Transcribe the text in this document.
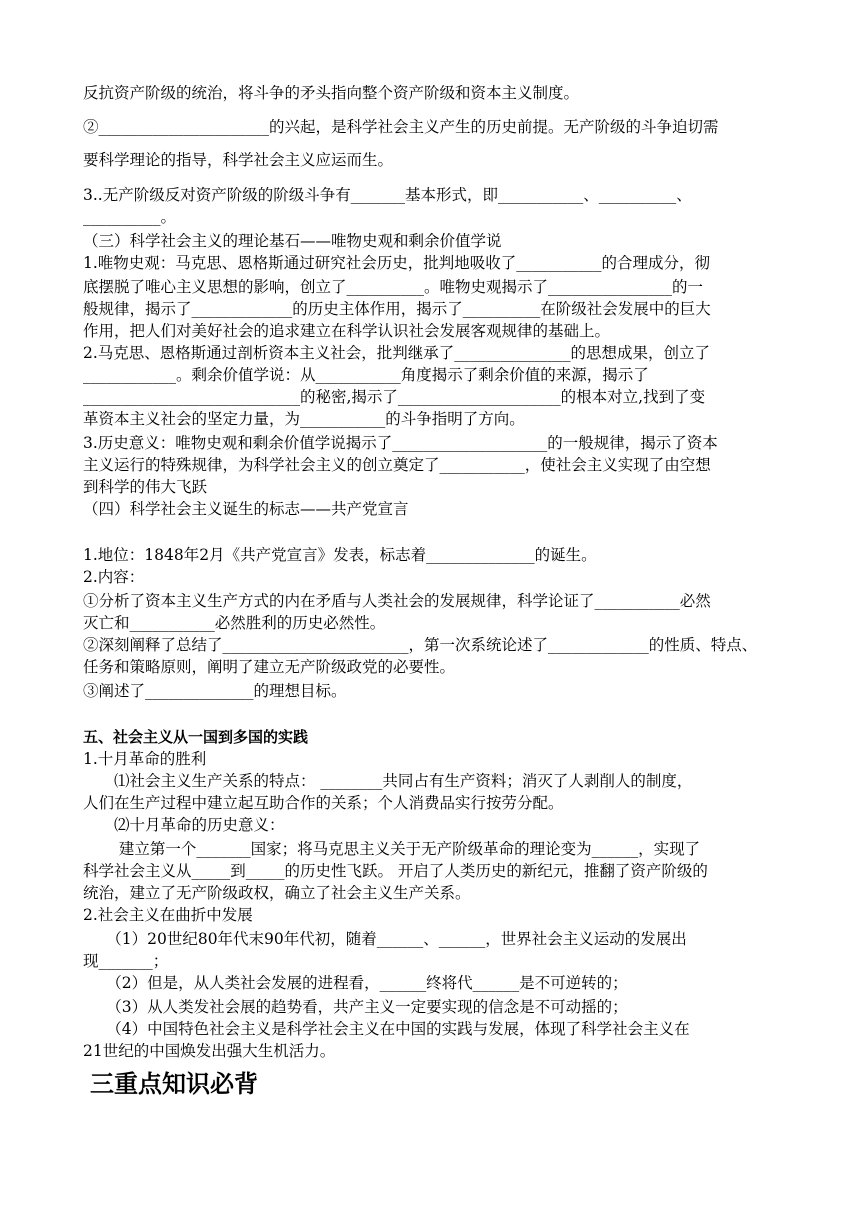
反抗资产阶级的统治，将斗争的矛头指向整个资产阶级和资本主义制度。
②______________________的兴起，是科学社会主义产生的历史前提。无产阶级的斗争迫切需
要科学理论的指导，科学社会主义应运而生。
3..无产阶级反对资产阶级的阶级斗争有_______基本形式，即___________、__________、
__________。
（三）科学社会主义的理论基石——唯物史观和剩余价值学说
1.唯物史观：马克思、恩格斯通过研究社会历史，批判地吸收了___________的合理成分，彻
底摆脱了唯心主义思想的影响，创立了__________。唯物史观揭示了________________的一
般规律，揭示了_____________的历史主体作用，揭示了__________在阶级社会发展中的巨大
作用，把人们对美好社会的追求建立在科学认识社会发展客观规律的基础上。
2.马克思、恩格斯通过剖析资本主义社会，批判继承了_______________的思想成果，创立了
____________。剩余价值学说：从___________角度揭示了剩余价值的来源，揭示了
____________________________的秘密,揭示了_____________________的根本对立,找到了变
革资本主义社会的坚定力量，为___________的斗争指明了方向。
3.历史意义：唯物史观和剩余价值学说揭示了____________________的一般规律，揭示了资本
主义运行的特殊规律，为科学社会主义的创立奠定了___________，使社会主义实现了由空想
到科学的伟大飞跃
（四）科学社会主义诞生的标志——共产党宣言
1.地位：1848年2月《共产党宣言》发表，标志着______________的诞生。
2.内容：
①分析了资本主义生产方式的内在矛盾与人类社会的发展规律，科学论证了___________必然
灭亡和___________必然胜利的历史必然性。
②深刻阐释了总结了________________________，第一次系统论述了_____________的性质、特点、
任务和策略原则，阐明了建立无产阶级政党的必要性。
③阐述了______________的理想目标。
五、社会主义从一国到多国的实践
1.十月革命的胜利
　　⑴社会主义生产关系的特点： ________共同占有生产资料；消灭了人剥削人的制度，
人们在生产过程中建立起互助合作的关系；个人消费品实行按劳分配。
　　⑵十月革命的历史意义：
　　 建立第一个_______国家；将马克思主义关于无产阶级革命的理论变为______，实现了
科学社会主义从_____到_____的历史性飞跃。 开启了人类历史的新纪元，推翻了资产阶级的
统治，建立了无产阶级政权，确立了社会主义生产关系。
2.社会主义在曲折中发展
　　（1）20世纪80年代末90年代初，随着______、______，世界社会主义运动的发展出
现_______；
　　（2）但是，从人类社会发展的进程看，______终将代______是不可逆转的；
　　（3）从人类发社会展的趋势看，共产主义一定要实现的信念是不可动摇的；
　　（4）中国特色社会主义是科学社会主义在中国的实践与发展，体现了科学社会主义在
21世纪的中国焕发出强大生机活力。
三重点知识必背
